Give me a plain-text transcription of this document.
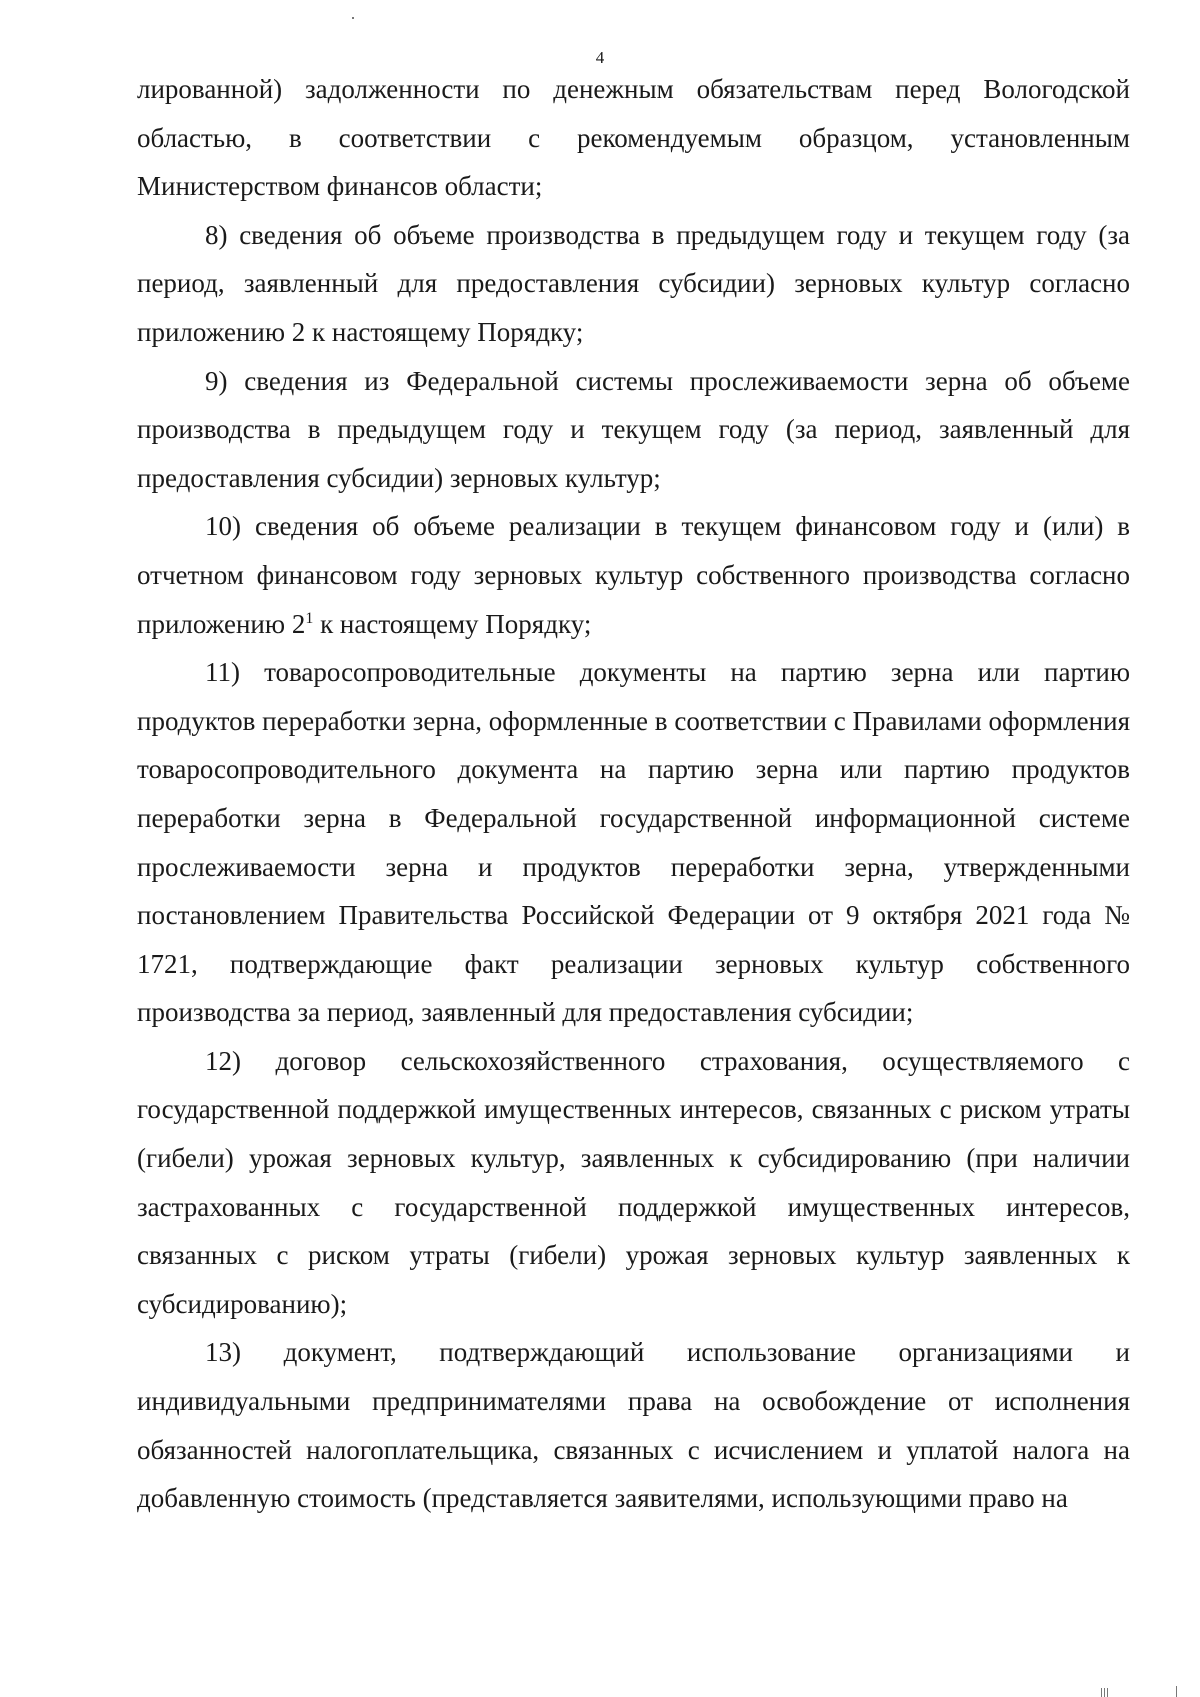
4

лированной) задолженности по денежным обязательствам перед Вологодской областью, в соответствии с рекомендуемым образцом, установленным Министерством финансов области;

8) сведения об объеме производства в предыдущем году и текущем году (за период, заявленный для предоставления субсидии) зерновых культур согласно приложению 2 к настоящему Порядку;

9) сведения из Федеральной системы прослеживаемости зерна об объеме производства в предыдущем году и текущем году (за период, заявленный для предоставления субсидии) зерновых культур;

10) сведения об объеме реализации в текущем финансовом году и (или) в отчетном финансовом году зерновых культур собственного производства согласно приложению $2^1$ к настоящему Порядку;

11) товаросопроводительные документы на партию зерна или партию продуктов переработки зерна, оформленные в соответствии с Правилами оформления товаросопроводительного документа на партию зерна или партию продуктов переработки зерна в Федеральной государственной информационной системе прослеживаемости зерна и продуктов переработки зерна, утвержденными постановлением Правительства Российской Федерации от 9 октября 2021 года № 1721, подтверждающие факт реализации зерновых культур собственного производства за период, заявленный для предоставления субсидии;

12) договор сельскохозяйственного страхования, осуществляемого с государственной поддержкой имущественных интересов, связанных с риском утраты (гибели) урожая зерновых культур, заявленных к субсидированию (при наличии застрахованных с государственной поддержкой имущественных интересов, связанных с риском утраты (гибели) урожая зерновых культур заявленных к субсидированию);

13) документ, подтверждающий использование организациями и индивидуальными предпринимателями права на освобождение от исполнения обязанностей налогоплательщика, связанных с исчислением и уплатой налога на добавленную стоимость (представляется заявителями, использующими право на
